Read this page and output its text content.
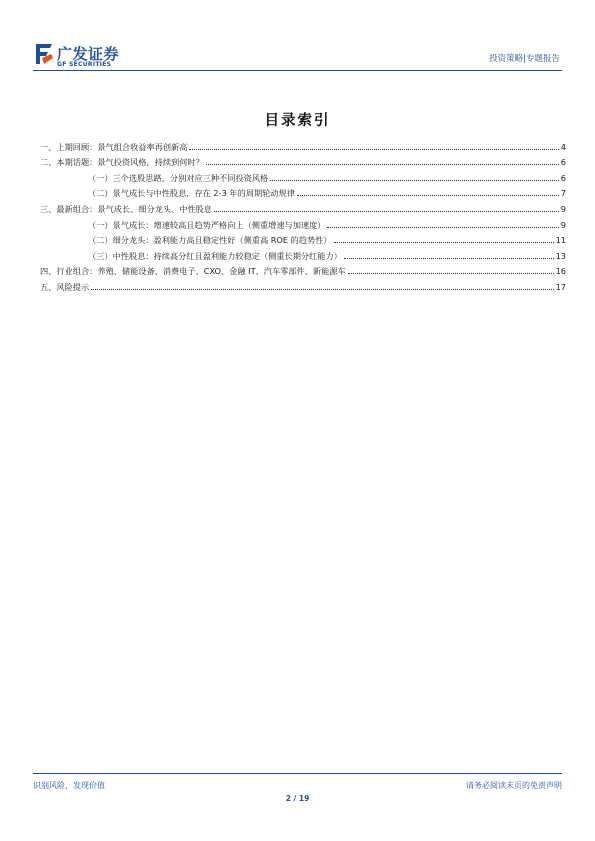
广发证券
GF SECURITIES
投资策略|专题报告
目录索引
一、上期回顾：景气组合收益率再创新高	4
二、本期话题：景气投资风格，持续到何时？	6
（一）三个选股思路，分别对应三种不同投资风格	6
（二）景气成长与中性股息，存在 2-3 年的周期轮动规律	7
三、最新组合：景气成长、细分龙头、中性股息	9
（一）景气成长：增速较高且趋势严格向上（侧重增速与加速度）	9
（二）细分龙头：盈利能力高且稳定性好（侧重高 ROE 的趋势性）	11
（三）中性股息：持续高分红且盈利能力较稳定（侧重长期分红能力）	13
四、行业组合：养殖、储能设备、消费电子、CXO、金融 IT、汽车零部件、新能源车	16
五、风险提示	17
识别风险，发现价值	请务必阅读末页的免责声明
2 / 19
